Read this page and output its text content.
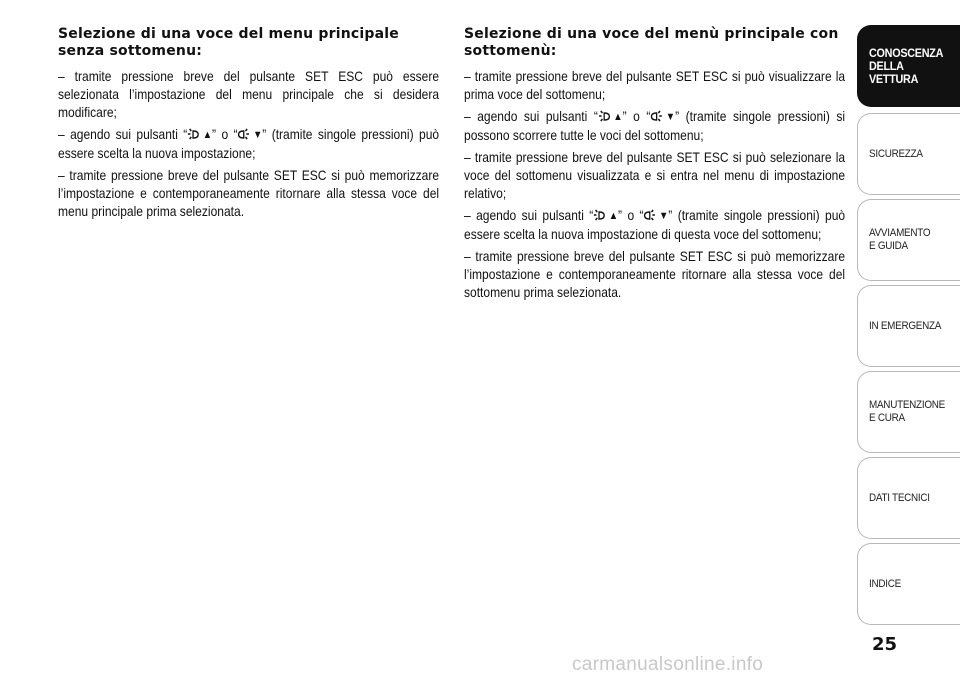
Selezione di una voce del menu principale senza sottomenu:

– tramite pressione breve del pulsante SET ESC può essere selezionata l’impostazione del menu principale che si desidera modificare;

– agendo sui pulsanti “ ▲” o “ ▼” (tramite singole pressioni) può essere scelta la nuova impostazione;

– tramite pressione breve del pulsante SET ESC si può memorizzare l’impostazione e contemporaneamente ritornare alla stessa voce del menu principale prima selezionata.

Selezione di una voce del menù principale con sottomenù:

– tramite pressione breve del pulsante SET ESC si può visualizzare la prima voce del sottomenu;

– agendo sui pulsanti “ ▲” o “ ▼” (tramite singole pressioni) si possono scorrere tutte le voci del sottomenu;

– tramite pressione breve del pulsante SET ESC si può selezionare la voce del sottomenu visualizzata e si entra nel menu di impostazione relativo;

– agendo sui pulsanti “ ▲” o “ ▼” (tramite singole pressioni) può essere scelta la nuova impostazione di questa voce del sottomenu;

– tramite pressione breve del pulsante SET ESC si può memorizzare l’impostazione e contemporaneamente ritornare alla stessa voce del sottomenu prima selezionata.

CONOSCENZA
DELLA
VETTURA
SICUREZZA
AVVIAMENTO
E GUIDA
IN EMERGENZA
MANUTENZIONE
E CURA
DATI TECNICI
INDICE
25
carmanualsonline.info
